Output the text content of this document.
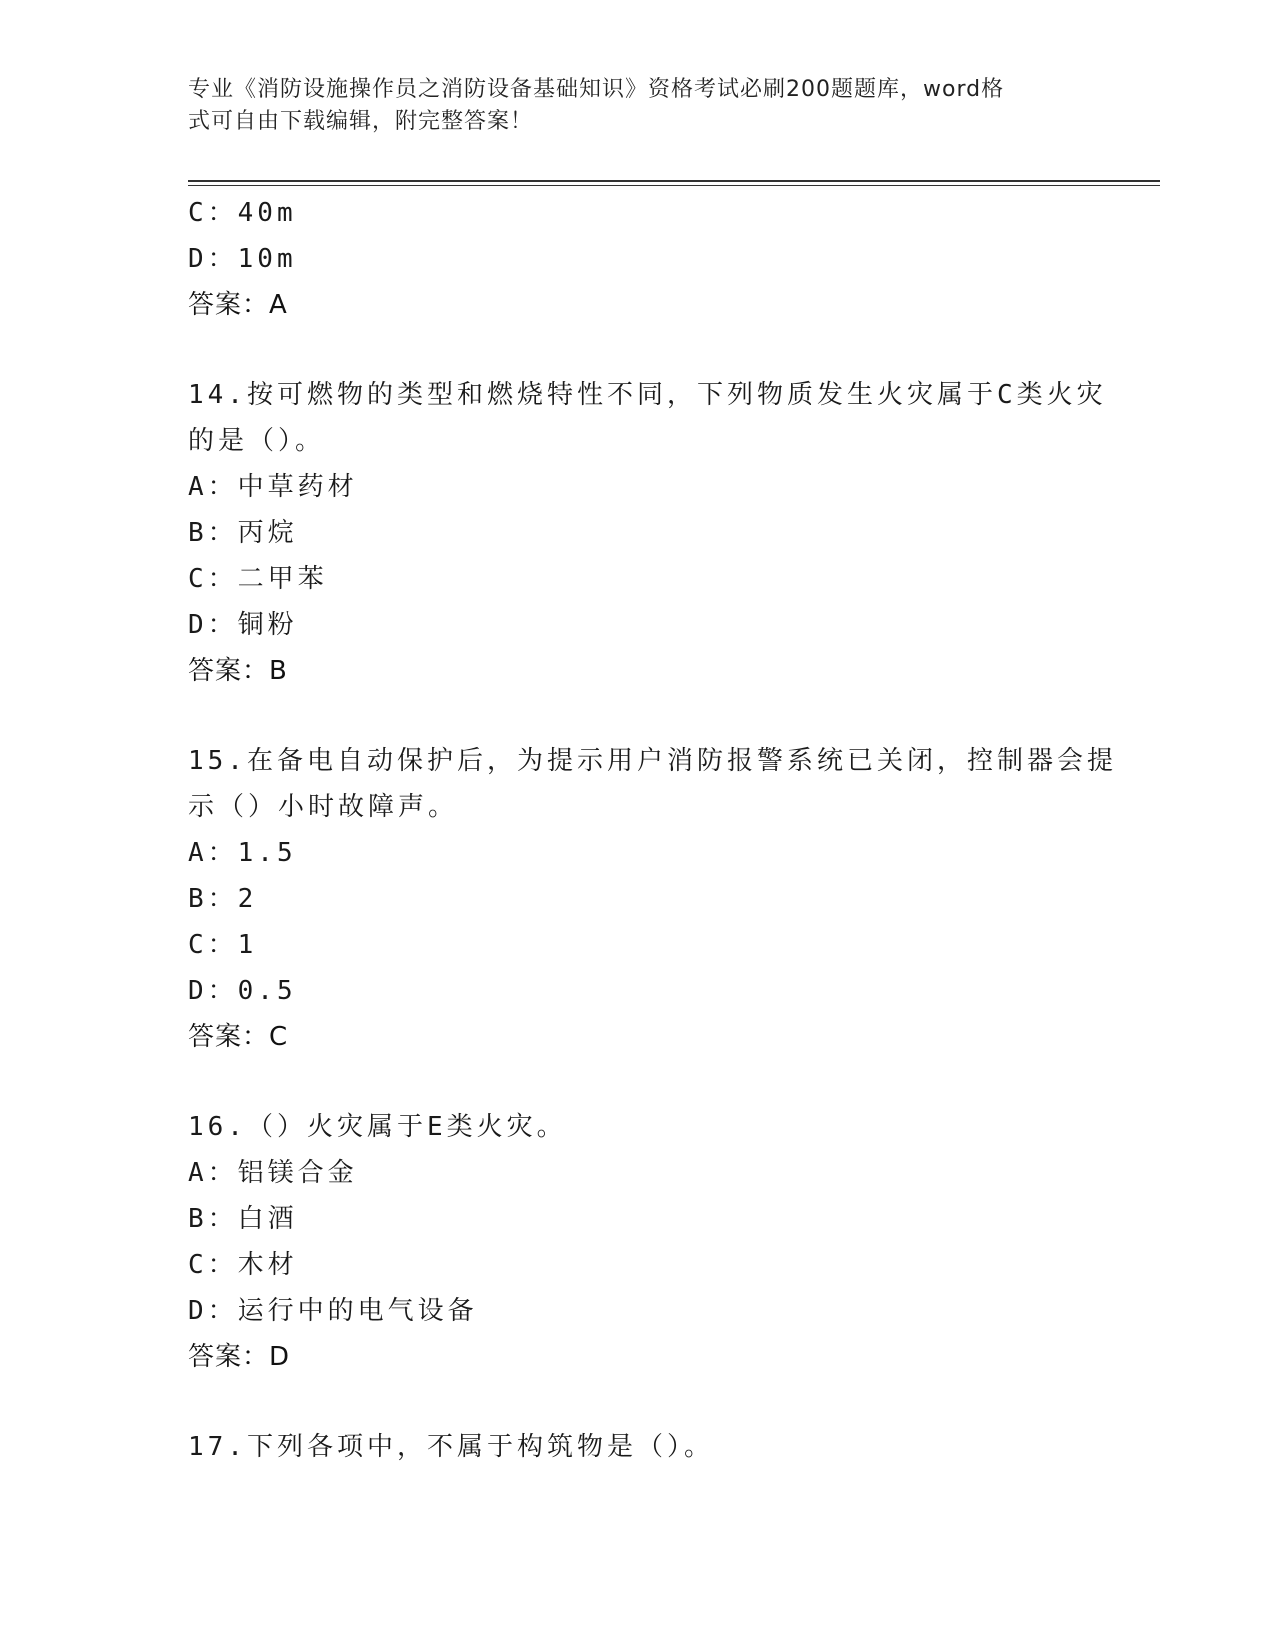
专业《消防设施操作员之消防设备基础知识》资格考试必刷200题题库，word格
式可自由下载编辑，附完整答案！
C：40m
D：10m
答案：A
14.按可燃物的类型和燃烧特性不同，下列物质发生火灾属于C类火灾
的是（）。
A：中草药材
B：丙烷
C：二甲苯
D：铜粉
答案：B
15.在备电自动保护后，为提示用户消防报警系统已关闭，控制器会提
示（）小时故障声。
A：1.5
B：2
C：1
D：0.5
答案：C
16.（）火灾属于E类火灾。
A：铝镁合金
B：白酒
C：木材
D：运行中的电气设备
答案：D
17.下列各项中，不属于构筑物是（）。
